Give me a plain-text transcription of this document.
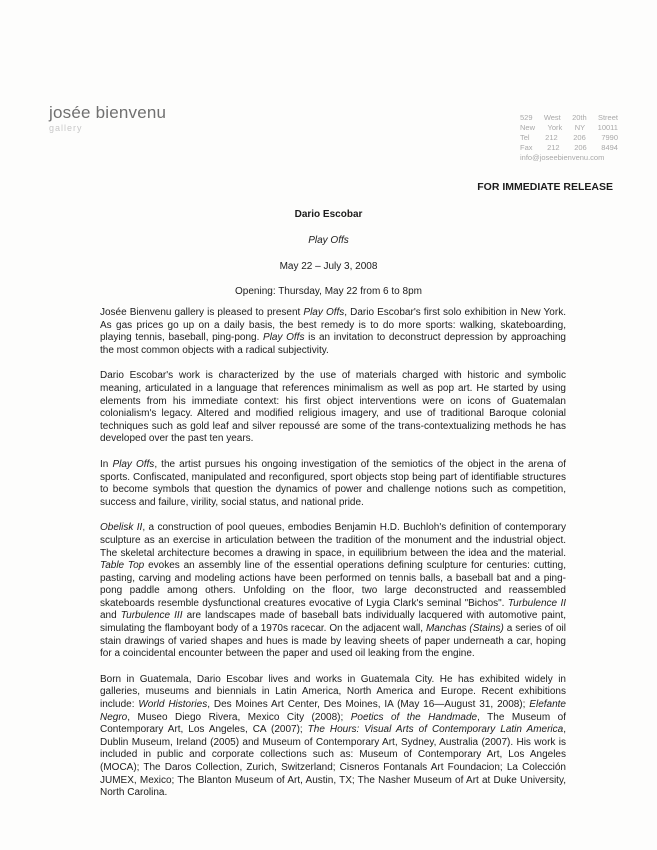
josée bienvenu
gallery
529 West 20th Street
New York NY 10011
Tel 212 206 7990
Fax 212 206 8494
info@joseebienvenu.com
FOR IMMEDIATE RELEASE
Dario Escobar
Play Offs
May 22 – July 3, 2008
Opening: Thursday, May 22 from 6 to 8pm

Josée Bienvenu gallery is pleased to present Play Offs, Dario Escobar's first solo exhibition in New York. As gas prices go up on a daily basis, the best remedy is to do more sports: walking, skateboarding, playing tennis, baseball, ping-pong. Play Offs is an invitation to deconstruct depression by approaching the most common objects with a radical subjectivity.

Dario Escobar's work is characterized by the use of materials charged with historic and symbolic meaning, articulated in a language that references minimalism as well as pop art. He started by using elements from his immediate context: his first object interventions were on icons of Guatemalan colonialism's legacy. Altered and modified religious imagery, and use of traditional Baroque colonial techniques such as gold leaf and silver repoussé are some of the trans-contextualizing methods he has developed over the past ten years.

In Play Offs, the artist pursues his ongoing investigation of the semiotics of the object in the arena of sports. Confiscated, manipulated and reconfigured, sport objects stop being part of identifiable structures to become symbols that question the dynamics of power and challenge notions such as competition, success and failure, virility, social status, and national pride.

Obelisk II, a construction of pool queues, embodies Benjamin H.D. Buchloh's definition of contemporary sculpture as an exercise in articulation between the tradition of the monument and the industrial object. The skeletal architecture becomes a drawing in space, in equilibrium between the idea and the material. Table Top evokes an assembly line of the essential operations defining sculpture for centuries: cutting, pasting, carving and modeling actions have been performed on tennis balls, a baseball bat and a ping-pong paddle among others. Unfolding on the floor, two large deconstructed and reassembled skateboards resemble dysfunctional creatures evocative of Lygia Clark's seminal "Bichos". Turbulence II and Turbulence III are landscapes made of baseball bats individually lacquered with automotive paint, simulating the flamboyant body of a 1970s racecar. On the adjacent wall, Manchas (Stains) a series of oil stain drawings of varied shapes and hues is made by leaving sheets of paper underneath a car, hoping for a coincidental encounter between the paper and used oil leaking from the engine.

Born in Guatemala, Dario Escobar lives and works in Guatemala City. He has exhibited widely in galleries, museums and biennials in Latin America, North America and Europe. Recent exhibitions include: World Histories, Des Moines Art Center, Des Moines, IA (May 16—August 31, 2008); Elefante Negro, Museo Diego Rivera, Mexico City (2008); Poetics of the Handmade, The Museum of Contemporary Art, Los Angeles, CA (2007); The Hours: Visual Arts of Contemporary Latin America, Dublin Museum, Ireland (2005) and Museum of Contemporary Art, Sydney, Australia (2007). His work is included in public and corporate collections such as: Museum of Contemporary Art, Los Angeles (MOCA); The Daros Collection, Zurich, Switzerland; Cisneros Fontanals Art Foundacion; La Colección JUMEX, Mexico; The Blanton Museum of Art, Austin, TX; The Nasher Museum of Art at Duke University, North Carolina.
